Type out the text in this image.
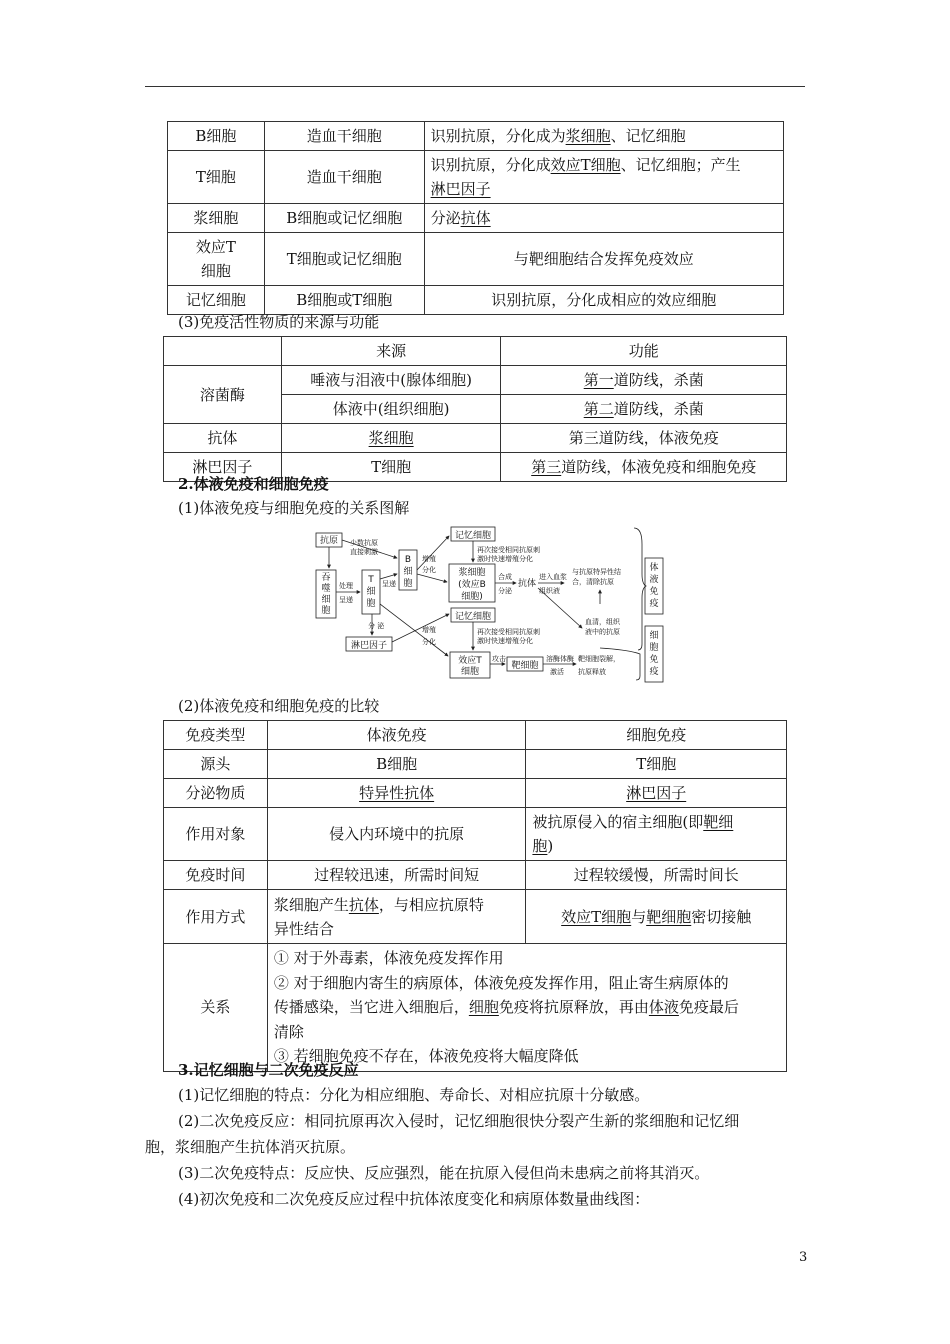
B细胞	造血干细胞	识别抗原，分化成为浆细胞、记忆细胞
T细胞	造血干细胞	识别抗原，分化成效应T细胞、记忆细胞；产生
淋巴因子
浆细胞	B细胞或记忆细胞	分泌抗体
效应T
细胞	T细胞或记忆细胞	与靶细胞结合发挥免疫效应
记忆细胞	B细胞或T细胞	识别抗原，分化成相应的效应细胞
(3)免疫活性物质的来源与功能
	来源	功能
溶菌酶	唾液与泪液中(腺体细胞)	第一道防线，杀菌
	体液中(组织细胞)	第二道防线，杀菌
抗体	浆细胞	第三道防线，体液免疫
淋巴因子	T细胞	第三道防线，体液免疫和细胞免疫
2.体液免疫和细胞免疫
(1)体液免疫与细胞免疫的关系图解
抗原
吞
噬
细
胞
T
细
胞
B
细
胞
记忆细胞
浆细胞
(效应B
细胞)
淋巴因子
记忆细胞
效应T
细胞
靶细胞
抗体
体
液
免
疫
细
胞
免
疫
少数抗原
直接刺激
处理
呈递
呈递
增殖
分化
分 泌
再次接受相同抗原刺
激时快速增殖分化
合成
分泌
进入血浆
组织液
与抗原特异性结
合，清除抗原
血清，组织
液中的抗原
增殖
分化
再次接受相同抗原刺
激时快速增殖分化
攻击	溶酶体酶
激活
靶细胞裂解，
抗原释放
(2)体液免疫和细胞免疫的比较
免疫类型	体液免疫	细胞免疫
源头	B细胞	T细胞
分泌物质	特异性抗体	淋巴因子
作用对象	侵入内环境中的抗原	被抗原侵入的宿主细胞(即靶细
胞)
免疫时间	过程较迅速，所需时间短	过程较缓慢，所需时间长
作用方式	浆细胞产生抗体，与相应抗原特
异性结合	效应T细胞与靶细胞密切接触
关系	① 对于外毒素，体液免疫发挥作用
② 对于细胞内寄生的病原体，体液免疫发挥作用，阻止寄生病原体的
传播感染，当它进入细胞后，细胞免疫将抗原释放，再由体液免疫最后
清除
③ 若细胞免疫不存在，体液免疫将大幅度降低	
3.记忆细胞与二次免疫反应

(1)记忆细胞的特点：分化为相应细胞、寿命长、对相应抗原十分敏感。

(2)二次免疫反应：相同抗原再次入侵时，记忆细胞很快分裂产生新的浆细胞和记忆细

胞，浆细胞产生抗体消灭抗原。

(3)二次免疫特点：反应快、反应强烈，能在抗原入侵但尚未患病之前将其消灭。

(4)初次免疫和二次免疫反应过程中抗体浓度变化和病原体数量曲线图：

3
